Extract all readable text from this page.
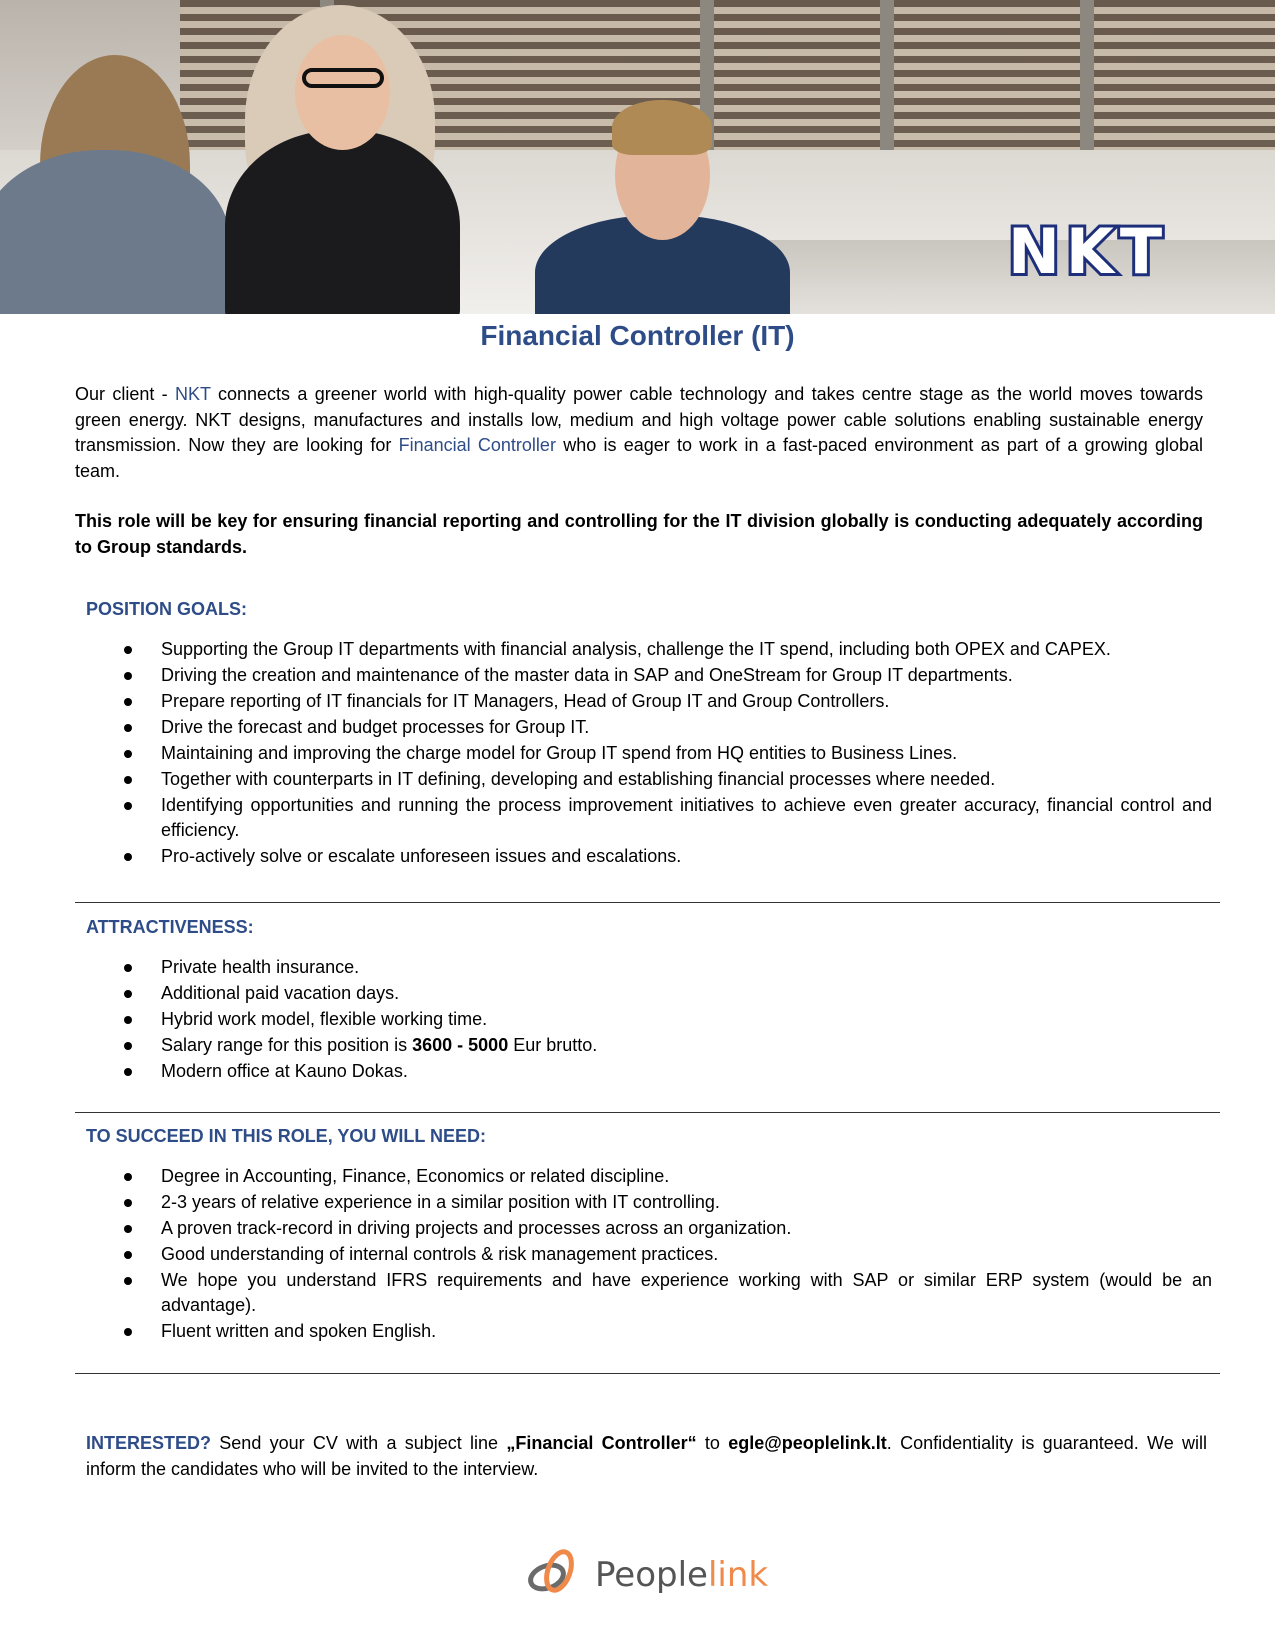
NKT
Financial Controller (IT)
Our client - NKT connects a greener world with high-quality power cable technology and takes centre stage as the world moves towards green energy. NKT designs, manufactures and installs low, medium and high voltage power cable solutions enabling sustainable energy transmission. Now they are looking for Financial Controller who is eager to work in a fast-paced environment as part of a growing global team.
This role will be key for ensuring financial reporting and controlling for the IT division globally is conducting adequately according to Group standards.
POSITION GOALS:
Supporting the Group IT departments with financial analysis, challenge the IT spend, including both OPEX and CAPEX.
Driving the creation and maintenance of the master data in SAP and OneStream for Group IT departments.
Prepare reporting of IT financials for IT Managers, Head of Group IT and Group Controllers.
Drive the forecast and budget processes for Group IT.
Maintaining and improving the charge model for Group IT spend from HQ entities to Business Lines.
Together with counterparts in IT defining, developing and establishing financial processes where needed.
Identifying opportunities and running the process improvement initiatives to achieve even greater accuracy, financial control and efficiency.
Pro-actively solve or escalate unforeseen issues and escalations.
ATTRACTIVENESS:
Private health insurance.
Additional paid vacation days.
Hybrid work model, flexible working time.
Salary range for this position is 3600 - 5000 Eur brutto.
Modern office at Kauno Dokas.
TO SUCCEED IN THIS ROLE, YOU WILL NEED:
Degree in Accounting, Finance, Economics or related discipline.
2-3 years of relative experience in a similar position with IT controlling.
A proven track-record in driving projects and processes across an organization.
Good understanding of internal controls & risk management practices.
We hope you understand IFRS requirements and have experience working with SAP or similar ERP system (would be an advantage).
Fluent written and spoken English.
INTERESTED? Send your CV with a subject line „Financial Controller“ to egle@peoplelink.lt. Confidentiality is guaranteed. We will inform the candidates who will be invited to the interview.
Peoplelink
